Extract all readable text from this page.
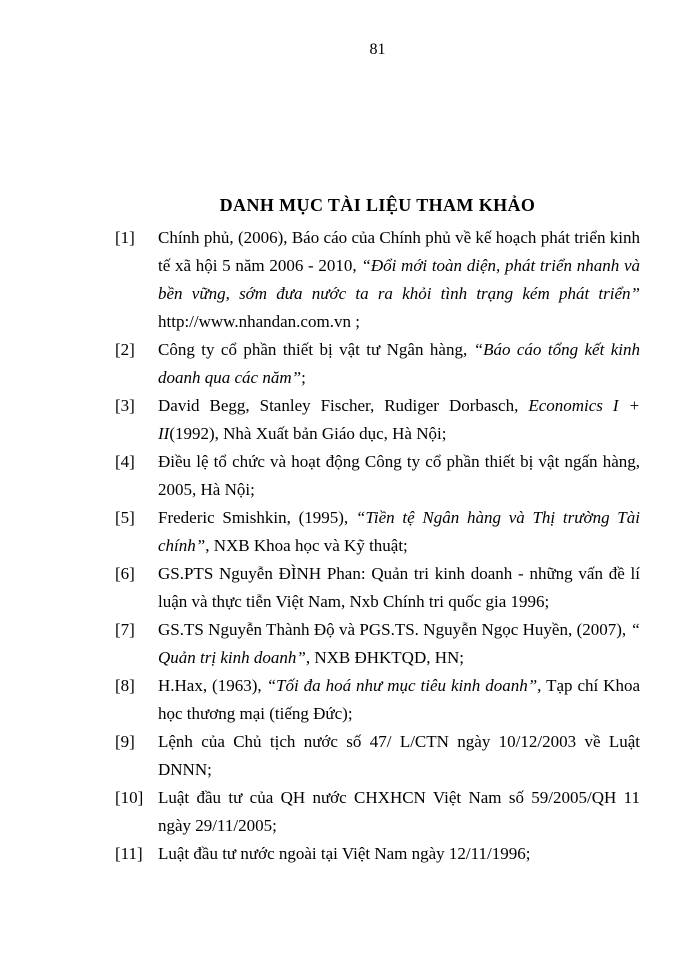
81
DANH MỤC TÀI LIỆU THAM KHẢO
[1]	Chính phủ, (2006), Báo cáo của Chính phủ về kế hoạch phát triển kinh tế xã hội 5 năm 2006 - 2010, “Đổi mới toàn diện, phát triển nhanh và bền vững, sớm đưa nước ta ra khỏi tình trạng kém phát triển” http://www.nhandan.com.vn ;
[2]	Công ty cổ phần thiết bị vật tư Ngân hàng, “Báo cáo tổng kết kinh doanh qua các năm”;
[3]	David Begg, Stanley Fischer, Rudiger Dorbasch, Economics I + II(1992), Nhà Xuất bản Giáo dục, Hà Nội;
[4]	Điều lệ tổ chức và hoạt động Công ty cổ phần thiết bị vật ngấn hàng, 2005, Hà Nội;
[5]	Frederic Smishkin, (1995), “Tiền tệ Ngân hàng và Thị trường Tài chính”, NXB Khoa học và Kỹ thuật;
[6]	GS.PTS Nguyễn ĐÌNH Phan: Quản tri kinh doanh - những vấn đề lí luận và thực tiễn Việt Nam, Nxb Chính tri quốc gia 1996;
[7]	GS.TS Nguyễn Thành Độ và PGS.TS. Nguyễn Ngọc Huyền, (2007), “ Quản trị kinh doanh”, NXB ĐHKTQD, HN;
[8]	H.Hax, (1963), “Tối đa hoá như mục tiêu kinh doanh”, Tạp chí Khoa học thương mại (tiếng Đức);
[9]	Lệnh của Chủ tịch nước số 47/ L/CTN ngày 10/12/2003 về Luật DNNN;
[10] Luật đầu tư của QH nước CHXHCN Việt Nam số 59/2005/QH 11 ngày 29/11/2005;
[11] Luật đầu tư nước ngoài tại Việt Nam ngày 12/11/1996;
